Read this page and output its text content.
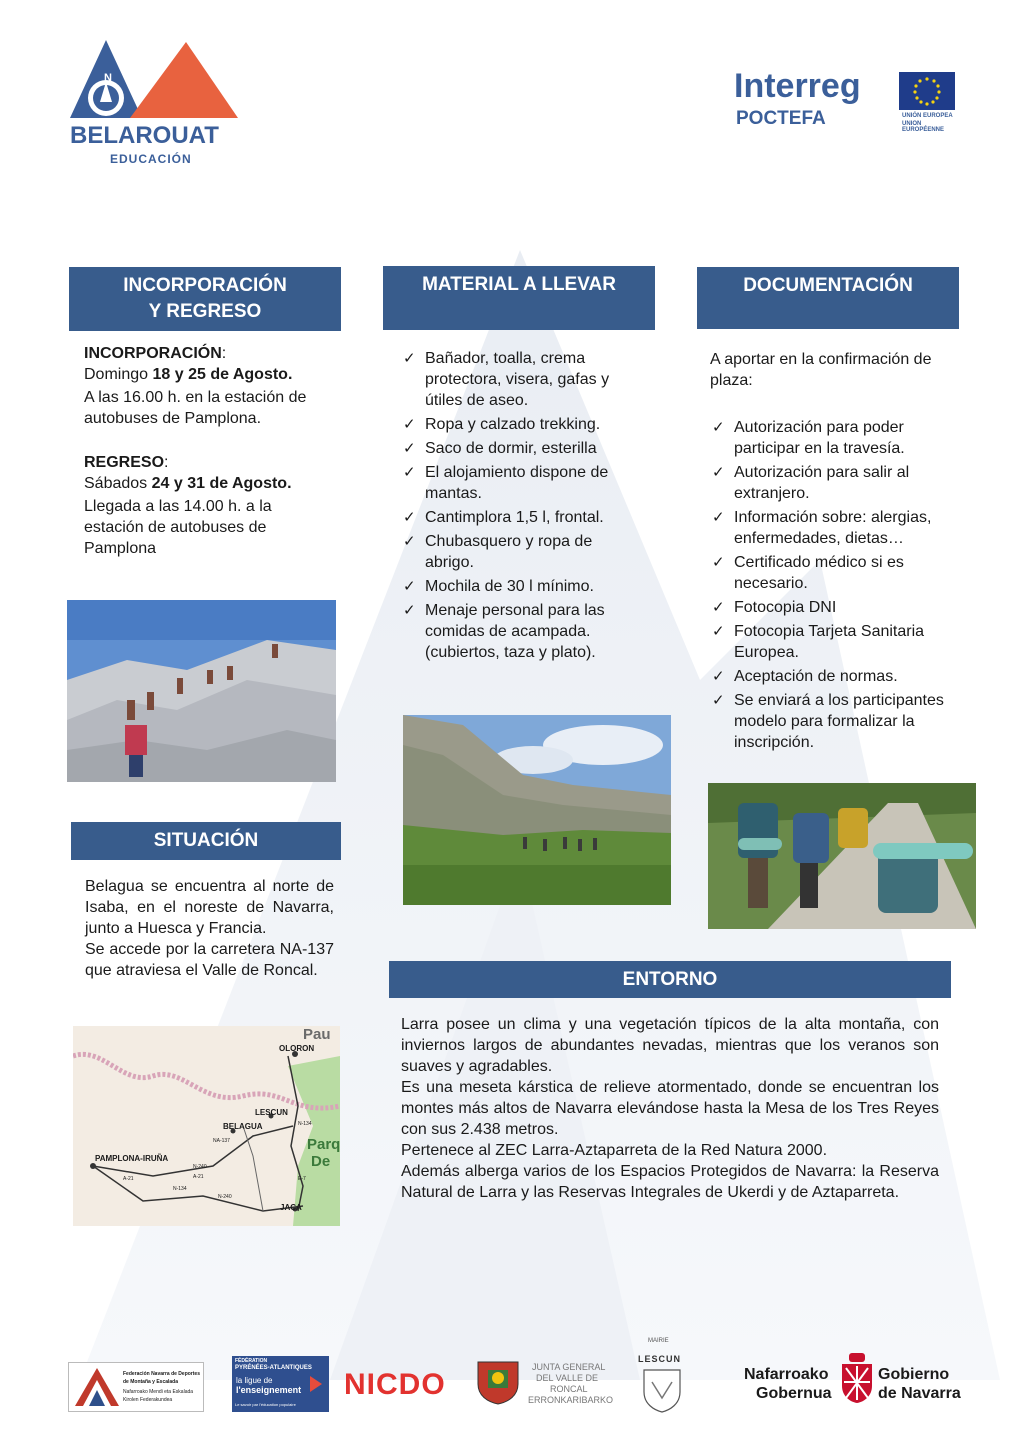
N
BELAROUAT
EDUCACIÓN
Interreg
POCTEFA	UNIÓN EUROPEA
UNION EUROPÉENNE
INCORPORACIÓN
Y REGRESO

INCORPORACIÓN:

Domingo 18 y 25 de Agosto.

A las 16.00 h. en la estación de autobuses de Pamplona.

REGRESO:

Sábados 24 y 31 de Agosto.

Llegada a las 14.00 h. a la estación de autobuses de Pamplona

SITUACIÓN

Belagua se encuentra al norte de Isaba, en el noreste de Navarra, junto a Huesca y Francia.

Se accede por la carretera NA-137 que atraviesa el Valle de Roncal.

Pau
OLORON
LESCUN
BELAGUA
PAMPLONA-IRUÑA
JACA
Parq
De
NA-137
N-240
A-21
N-134
N-240
A-21
N-134
E-7
MATERIAL A LLEVAR
✓ Bañador, toalla, crema protectora, visera, gafas y útiles de aseo.
✓ Ropa y calzado trekking.
✓ Saco de dormir, esterilla
✓ El alojamiento dispone de mantas.
✓ Cantimplora 1,5 l, frontal.
✓ Chubasquero y ropa de abrigo.
✓ Mochila de 30 l mínimo.
✓ Menaje personal para las comidas de acampada. (cubiertos, taza y plato).
DOCUMENTACIÓN

A aportar en la confirmación de plaza:

✓ Autorización para poder participar en la travesía.
✓ Autorización para salir al extranjero.
✓ Información sobre: alergias, enfermedades, dietas…
✓ Certificado médico si es necesario.
✓ Fotocopia DNI
✓ Fotocopia Tarjeta Sanitaria Europea.
✓ Aceptación de normas.
✓ Se enviará a los participantes modelo para formalizar la inscripción.
ENTORNO

Larra posee un clima y una vegetación típicos de la alta montaña, con inviernos largos de abundantes nevadas, mientras que los veranos son suaves y agradables.

Es una meseta kárstica de relieve atormentado, donde se encuentran los montes más altos de Navarra elevándose hasta la Mesa de los Tres Reyes con sus 2.438 metros.

Pertenece al ZEC Larra-Aztaparreta de la Red Natura 2000.

Además alberga varios de los Espacios Protegidos de Navarra: la Reserva Natural de Larra y las Reservas Integrales de Ukerdi y de Aztaparreta.

Federación Navarra de Deportes
de Montaña y Escalada
Nafarroako Mendi eta Eskalada
Kirolen Federakundea
FÉDÉRATION
PYRÉNÉES-ATLANTIQUES
la ligue de
l'enseignement
Le savoir par l'éducation populaire
NICDO
JUNTA GENERAL
DEL VALLE DE
RONCAL
ERRONKARIBARKO
MAIRIE
LESCUN
Nafarroako
Gobernua
Gobierno
de Navarra
